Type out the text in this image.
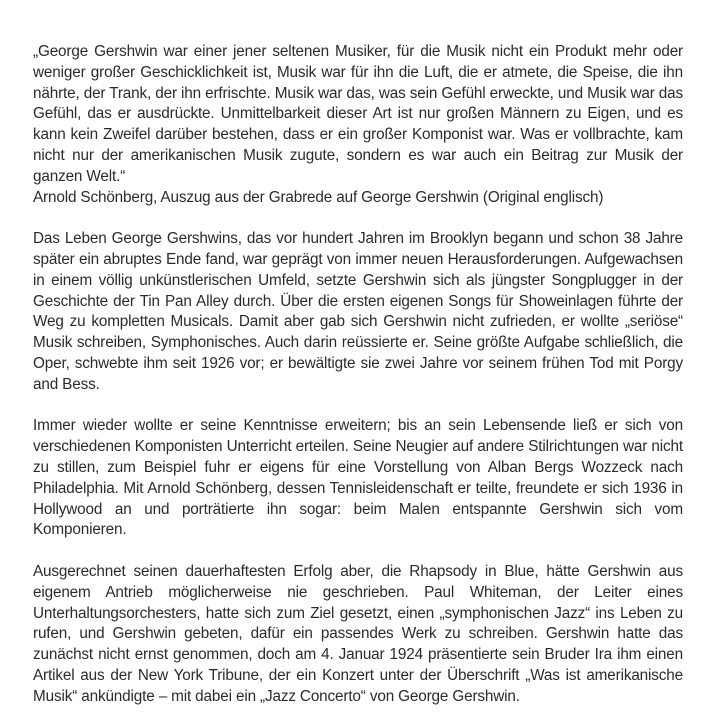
„George Gershwin war einer jener seltenen Musiker, für die Musik nicht ein Produkt mehr oder weniger großer Geschicklichkeit ist, Musik war für ihn die Luft, die er atmete, die Speise, die ihn nährte, der Trank, der ihn erfrischte. Musik war das, was sein Gefühl erweckte, und Musik war das Gefühl, das er ausdrückte. Unmittelbarkeit dieser Art ist nur großen Männern zu Eigen, und es kann kein Zweifel darüber bestehen, dass er ein großer Komponist war. Was er vollbrachte, kam nicht nur der amerikanischen Musik zugute, sondern es war auch ein Beitrag zur Musik der ganzen Welt.“

Arnold Schönberg, Auszug aus der Grabrede auf George Gershwin (Original englisch)

Das Leben George Gershwins, das vor hundert Jahren im Brooklyn begann und schon 38 Jahre später ein abruptes Ende fand, war geprägt von immer neuen Herausforderungen. Aufgewachsen in einem völlig unkünstlerischen Umfeld, setzte Gershwin sich als jüngster Songplugger in der Geschichte der Tin Pan Alley durch. Über die ersten eigenen Songs für Showeinlagen führte der Weg zu kompletten Musicals. Damit aber gab sich Gershwin nicht zufrieden, er wollte „seriöse“ Musik schreiben, Symphonisches. Auch darin reüssierte er. Seine größte Aufgabe schließlich, die Oper, schwebte ihm seit 1926 vor; er bewältigte sie zwei Jahre vor seinem frühen Tod mit Porgy and Bess.

Immer wieder wollte er seine Kenntnisse erweitern; bis an sein Lebensende ließ er sich von verschiedenen Komponisten Unterricht erteilen. Seine Neugier auf andere Stilrichtungen war nicht zu stillen, zum Beispiel fuhr er eigens für eine Vorstellung von Alban Bergs Wozzeck nach Philadelphia. Mit Arnold Schönberg, dessen Tennisleidenschaft er teilte, freundete er sich 1936 in Hollywood an und porträtierte ihn sogar: beim Malen entspannte Gershwin sich vom Komponieren.

Ausgerechnet seinen dauerhaftesten Erfolg aber, die Rhapsody in Blue, hätte Gershwin aus eigenem Antrieb möglicherweise nie geschrieben. Paul Whiteman, der Leiter eines Unterhaltungsorchesters, hatte sich zum Ziel gesetzt, einen „symphonischen Jazz“ ins Leben zu rufen, und Gershwin gebeten, dafür ein passendes Werk zu schreiben. Gershwin hatte das zunächst nicht ernst genommen, doch am 4. Januar 1924 präsentierte sein Bruder Ira ihm einen Artikel aus der New York Tribune, der ein Konzert unter der Überschrift „Was ist amerikanische Musik“ ankündigte – mit dabei ein „Jazz Concerto“ von George Gershwin.
